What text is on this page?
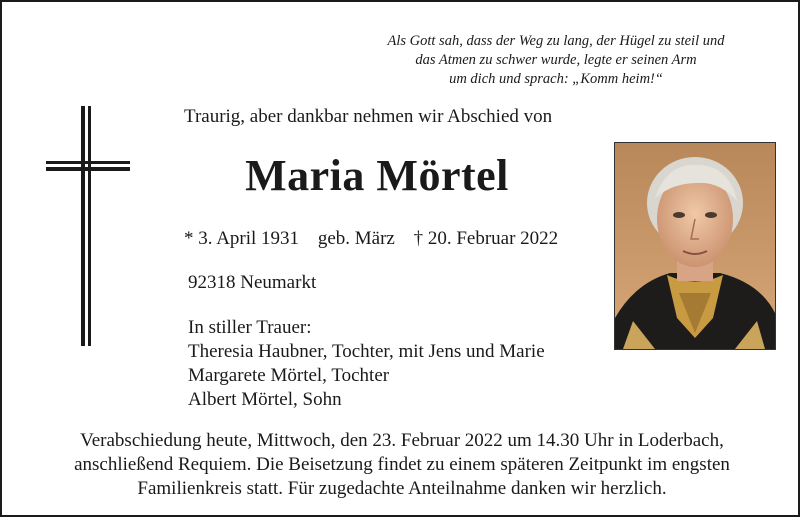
Als Gott sah, dass der Weg zu lang, der Hügel zu steil und
das Atmen zu schwer wurde, legte er seinen Arm
um dich und sprach: „Komm heim!“
Traurig, aber dankbar nehmen wir Abschied von
Maria Mörtel
* 3. April 1931 geb. März † 20. Februar 2022
92318 Neumarkt
In stiller Trauer:
Theresia Haubner, Tochter, mit Jens und Marie
Margarete Mörtel, Tochter
Albert Mörtel, Sohn
Verabschiedung heute, Mittwoch, den 23. Februar 2022 um 14.30 Uhr in Loderbach,
anschließend Requiem. Die Beisetzung findet zu einem späteren Zeitpunkt im engsten
Familienkreis statt. Für zugedachte Anteilnahme danken wir herzlich.
